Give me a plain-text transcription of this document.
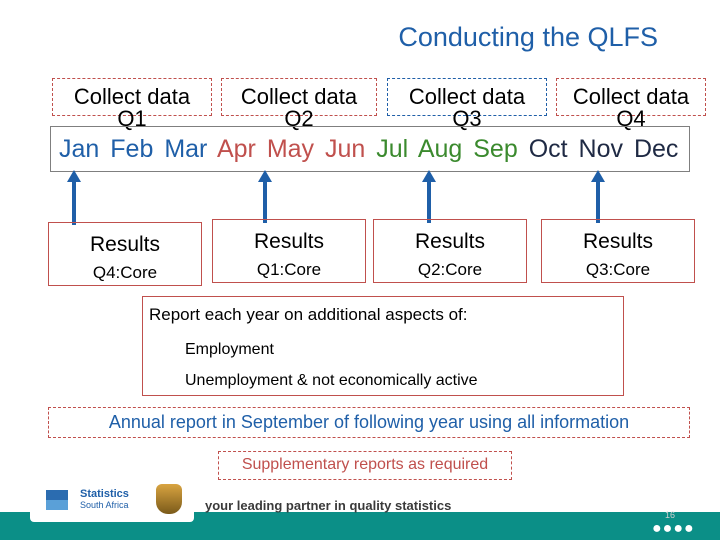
Conducting the QLFS
Collect data
Q1
Collect data
Q2
Collect data
Q3
Collect data
Q4
Jan Feb Mar Apr May Jun Jul Aug Sep Oct Nov Dec
Results
Q4:Core
Results
Q1:Core
Results
Q2:Core
Results
Q3:Core
Report each year on additional aspects of:
Employment
Unemployment & not economically active
Annual report in September of following year using all information
Supplementary reports as required
Statistics
South Africa	your leading partner in quality statistics
16
●●●●
